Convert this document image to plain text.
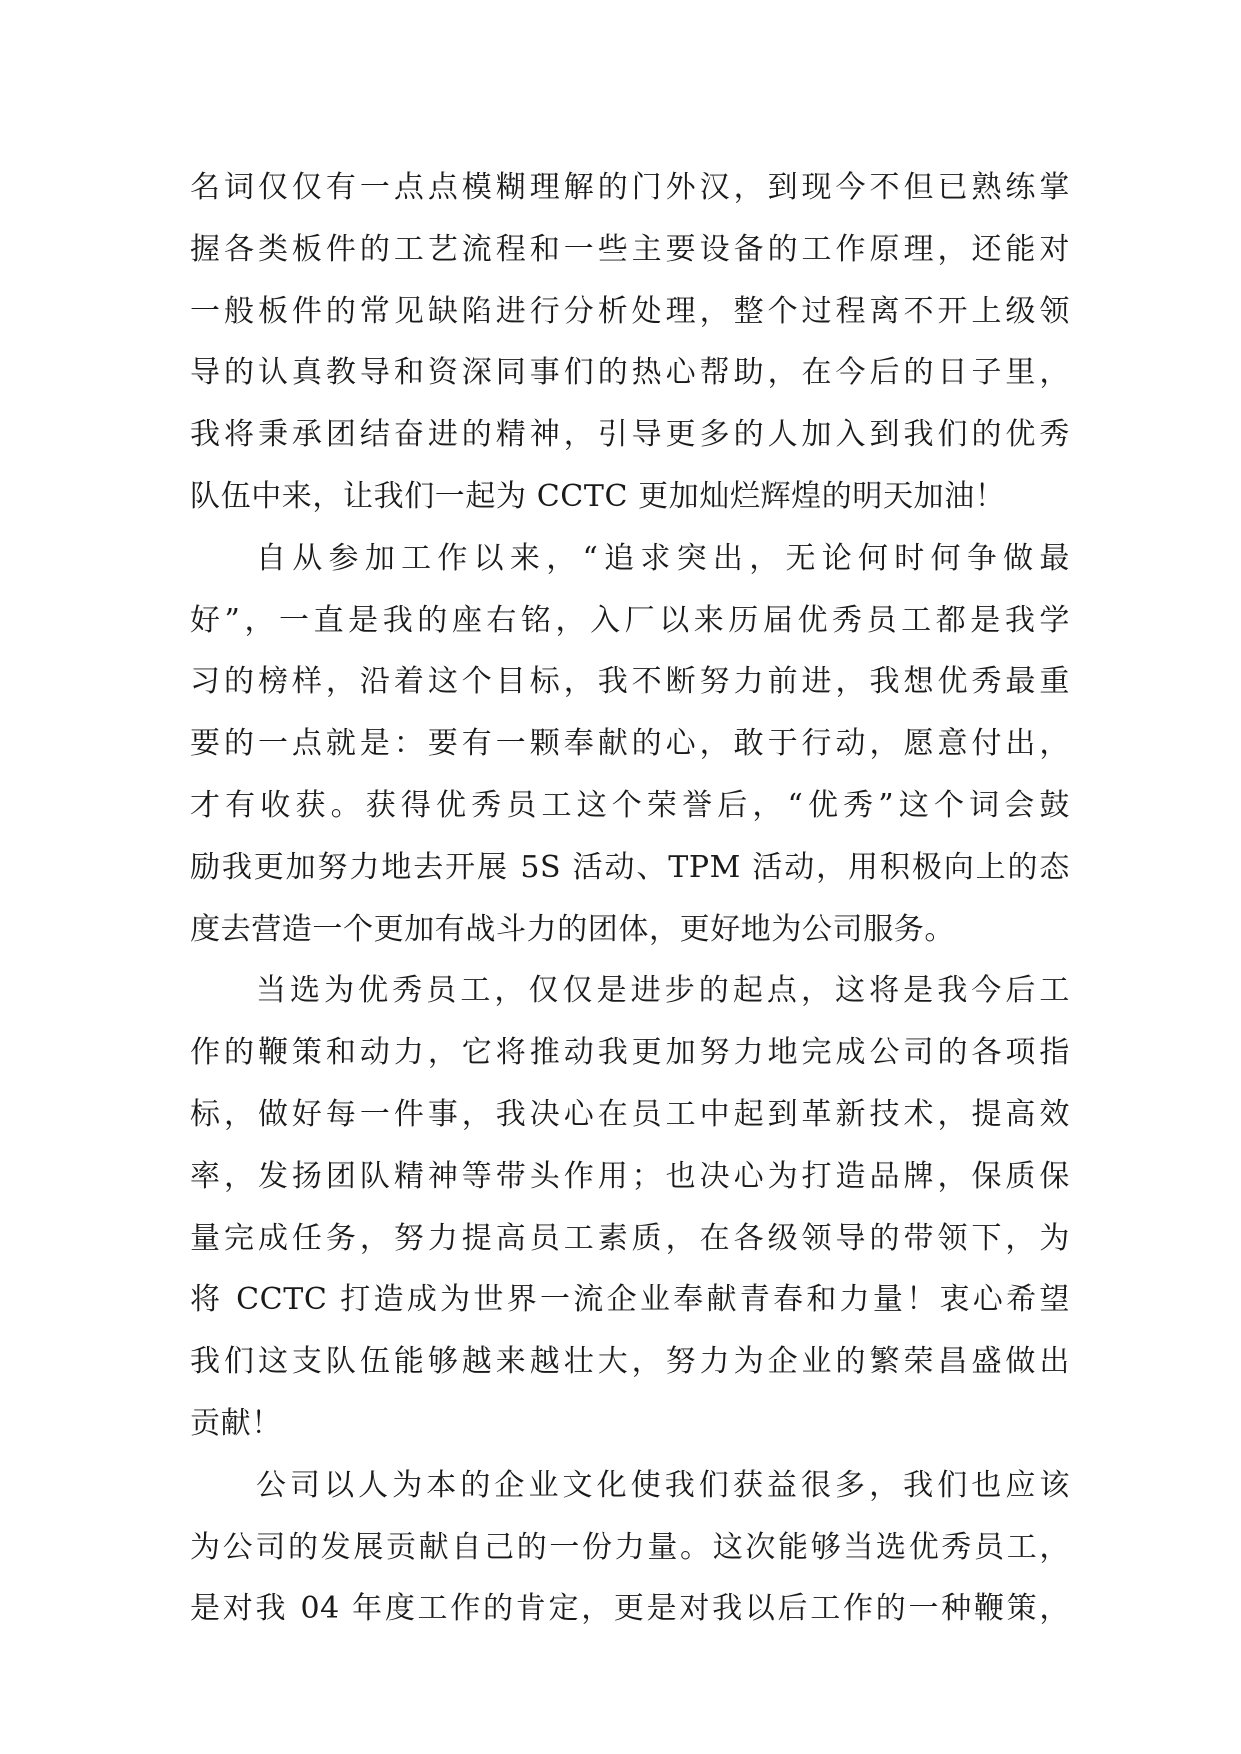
名词仅仅有一点点模糊理解的门外汉，到现今不但已熟练掌
握各类板件的工艺流程和一些主要设备的工作原理，还能对
一般板件的常见缺陷进行分析处理，整个过程离不开上级领
导的认真教导和资深同事们的热心帮助，在今后的日子里，
我将秉承团结奋进的精神，引导更多的人加入到我们的优秀
队伍中来，让我们一起为 CCTC 更加灿烂辉煌的明天加油！
自从参加工作以来，“追求突出，无论何时何争做最
好”，一直是我的座右铭，入厂以来历届优秀员工都是我学
习的榜样，沿着这个目标，我不断努力前进，我想优秀最重
要的一点就是：要有一颗奉献的心，敢于行动，愿意付出，
才有收获。获得优秀员工这个荣誉后，“优秀”这个词会鼓
励我更加努力地去开展 5S 活动、TPM 活动，用积极向上的态
度去营造一个更加有战斗力的团体，更好地为公司服务。
当选为优秀员工，仅仅是进步的起点，这将是我今后工
作的鞭策和动力，它将推动我更加努力地完成公司的各项指
标，做好每一件事，我决心在员工中起到革新技术，提高效
率，发扬团队精神等带头作用；也决心为打造品牌，保质保
量完成任务，努力提高员工素质，在各级领导的带领下，为
将 CCTC 打造成为世界一流企业奉献青春和力量！衷心希望
我们这支队伍能够越来越壮大，努力为企业的繁荣昌盛做出
贡献！
公司以人为本的企业文化使我们获益很多，我们也应该
为公司的发展贡献自己的一份力量。这次能够当选优秀员工，
是对我 04 年度工作的肯定，更是对我以后工作的一种鞭策，
